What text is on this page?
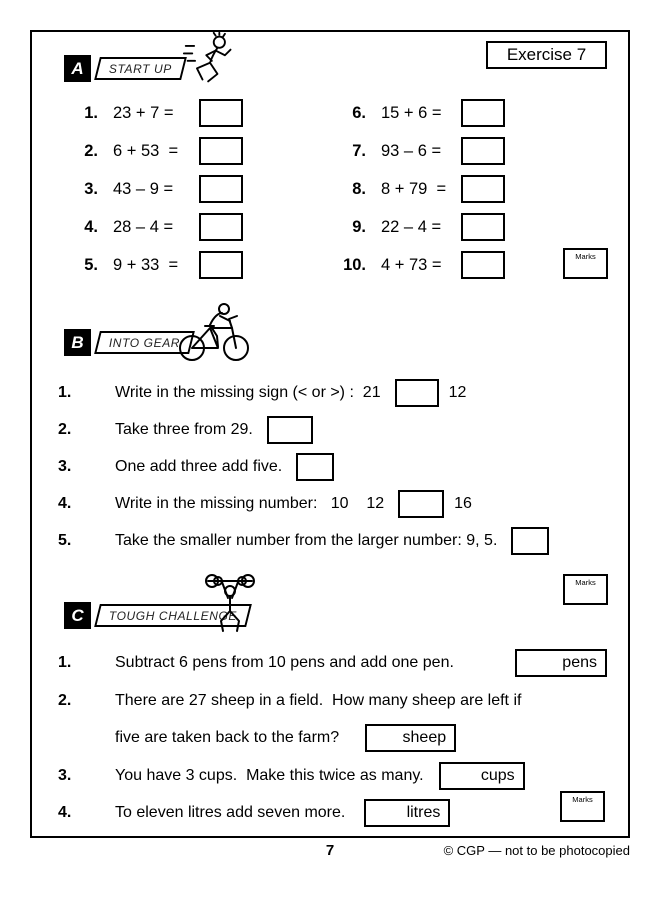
Exercise 7
A	START UP
1. 23 + 7 =
2. 6 + 53  =
3. 43 – 9 =
4. 28 – 4 =
5. 9 + 33  =
6. 15 + 6 =
7. 93 – 6 =
8. 8 + 79  =
9. 22 – 4 =
10. 4 + 73 =	Marks
B	INTO GEAR
1.	Write in the missing sign (< or >) :  21	12
2.	Take three from 29.
3.	One add three add five.
4.	Write in the missing number:   10    12	16
5.	Take the smaller number from the larger number: 9, 5.
Marks
C	TOUGH CHALLENGE
1.	Subtract 6 pens from 10 pens and add one pen.	pens
2.	There are 27 sheep in a field.  How many sheep are left if
five are taken back to the farm?	sheep
3.	You have 3 cups.  Make this twice as many.	cups
4.	To eleven litres add seven more.	litres
Marks
7	© CGP — not to be photocopied
